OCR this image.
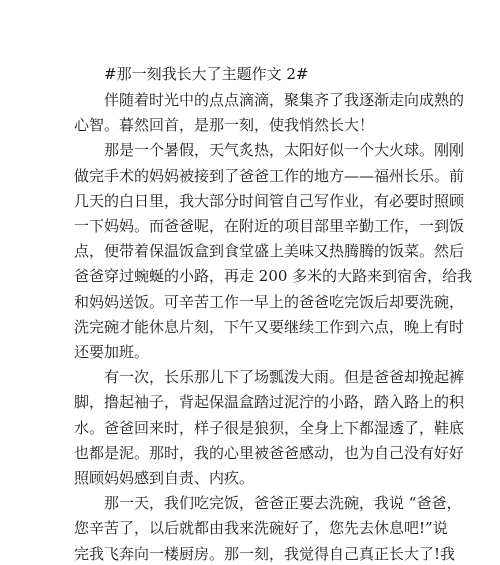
#那一刻我长大了主题作文 2#
伴随着时光中的点点滴滴，聚集齐了我逐渐走向成熟的
心智。暮然回首，是那一刻，使我悄然长大！
那是一个暑假，天气炙热，太阳好似一个大火球。刚刚
做完手术的妈妈被接到了爸爸工作的地方——福州长乐。前
几天的白日里，我大部分时间管自己写作业，有必要时照顾
一下妈妈。而爸爸呢，在附近的项目部里辛勤工作，一到饭
点，便带着保温饭盒到食堂盛上美味又热腾腾的饭菜。然后
爸爸穿过蜿蜒的小路，再走 200 多米的大路来到宿舍，给我
和妈妈送饭。可辛苦工作一早上的爸爸吃完饭后却要洗碗，
洗完碗才能休息片刻，下午又要继续工作到六点，晚上有时
还要加班。
有一次，长乐那儿下了场瓢泼大雨。但是爸爸却挽起裤
脚，撸起袖子，背起保温盒踏过泥泞的小路，踏入路上的积
水。爸爸回来时，样子很是狼狈，全身上下都湿透了，鞋底
也都是泥。那时，我的心里被爸爸感动，也为自己没有好好
照顾妈妈感到自责、内疚。
那一天，我们吃完饭，爸爸正要去洗碗，我说 “爸爸，
您辛苦了，以后就都由我来洗碗好了，您先去休息吧!”说
完我飞奔向一楼厨房。那一刻，我觉得自己真正长大了!我
